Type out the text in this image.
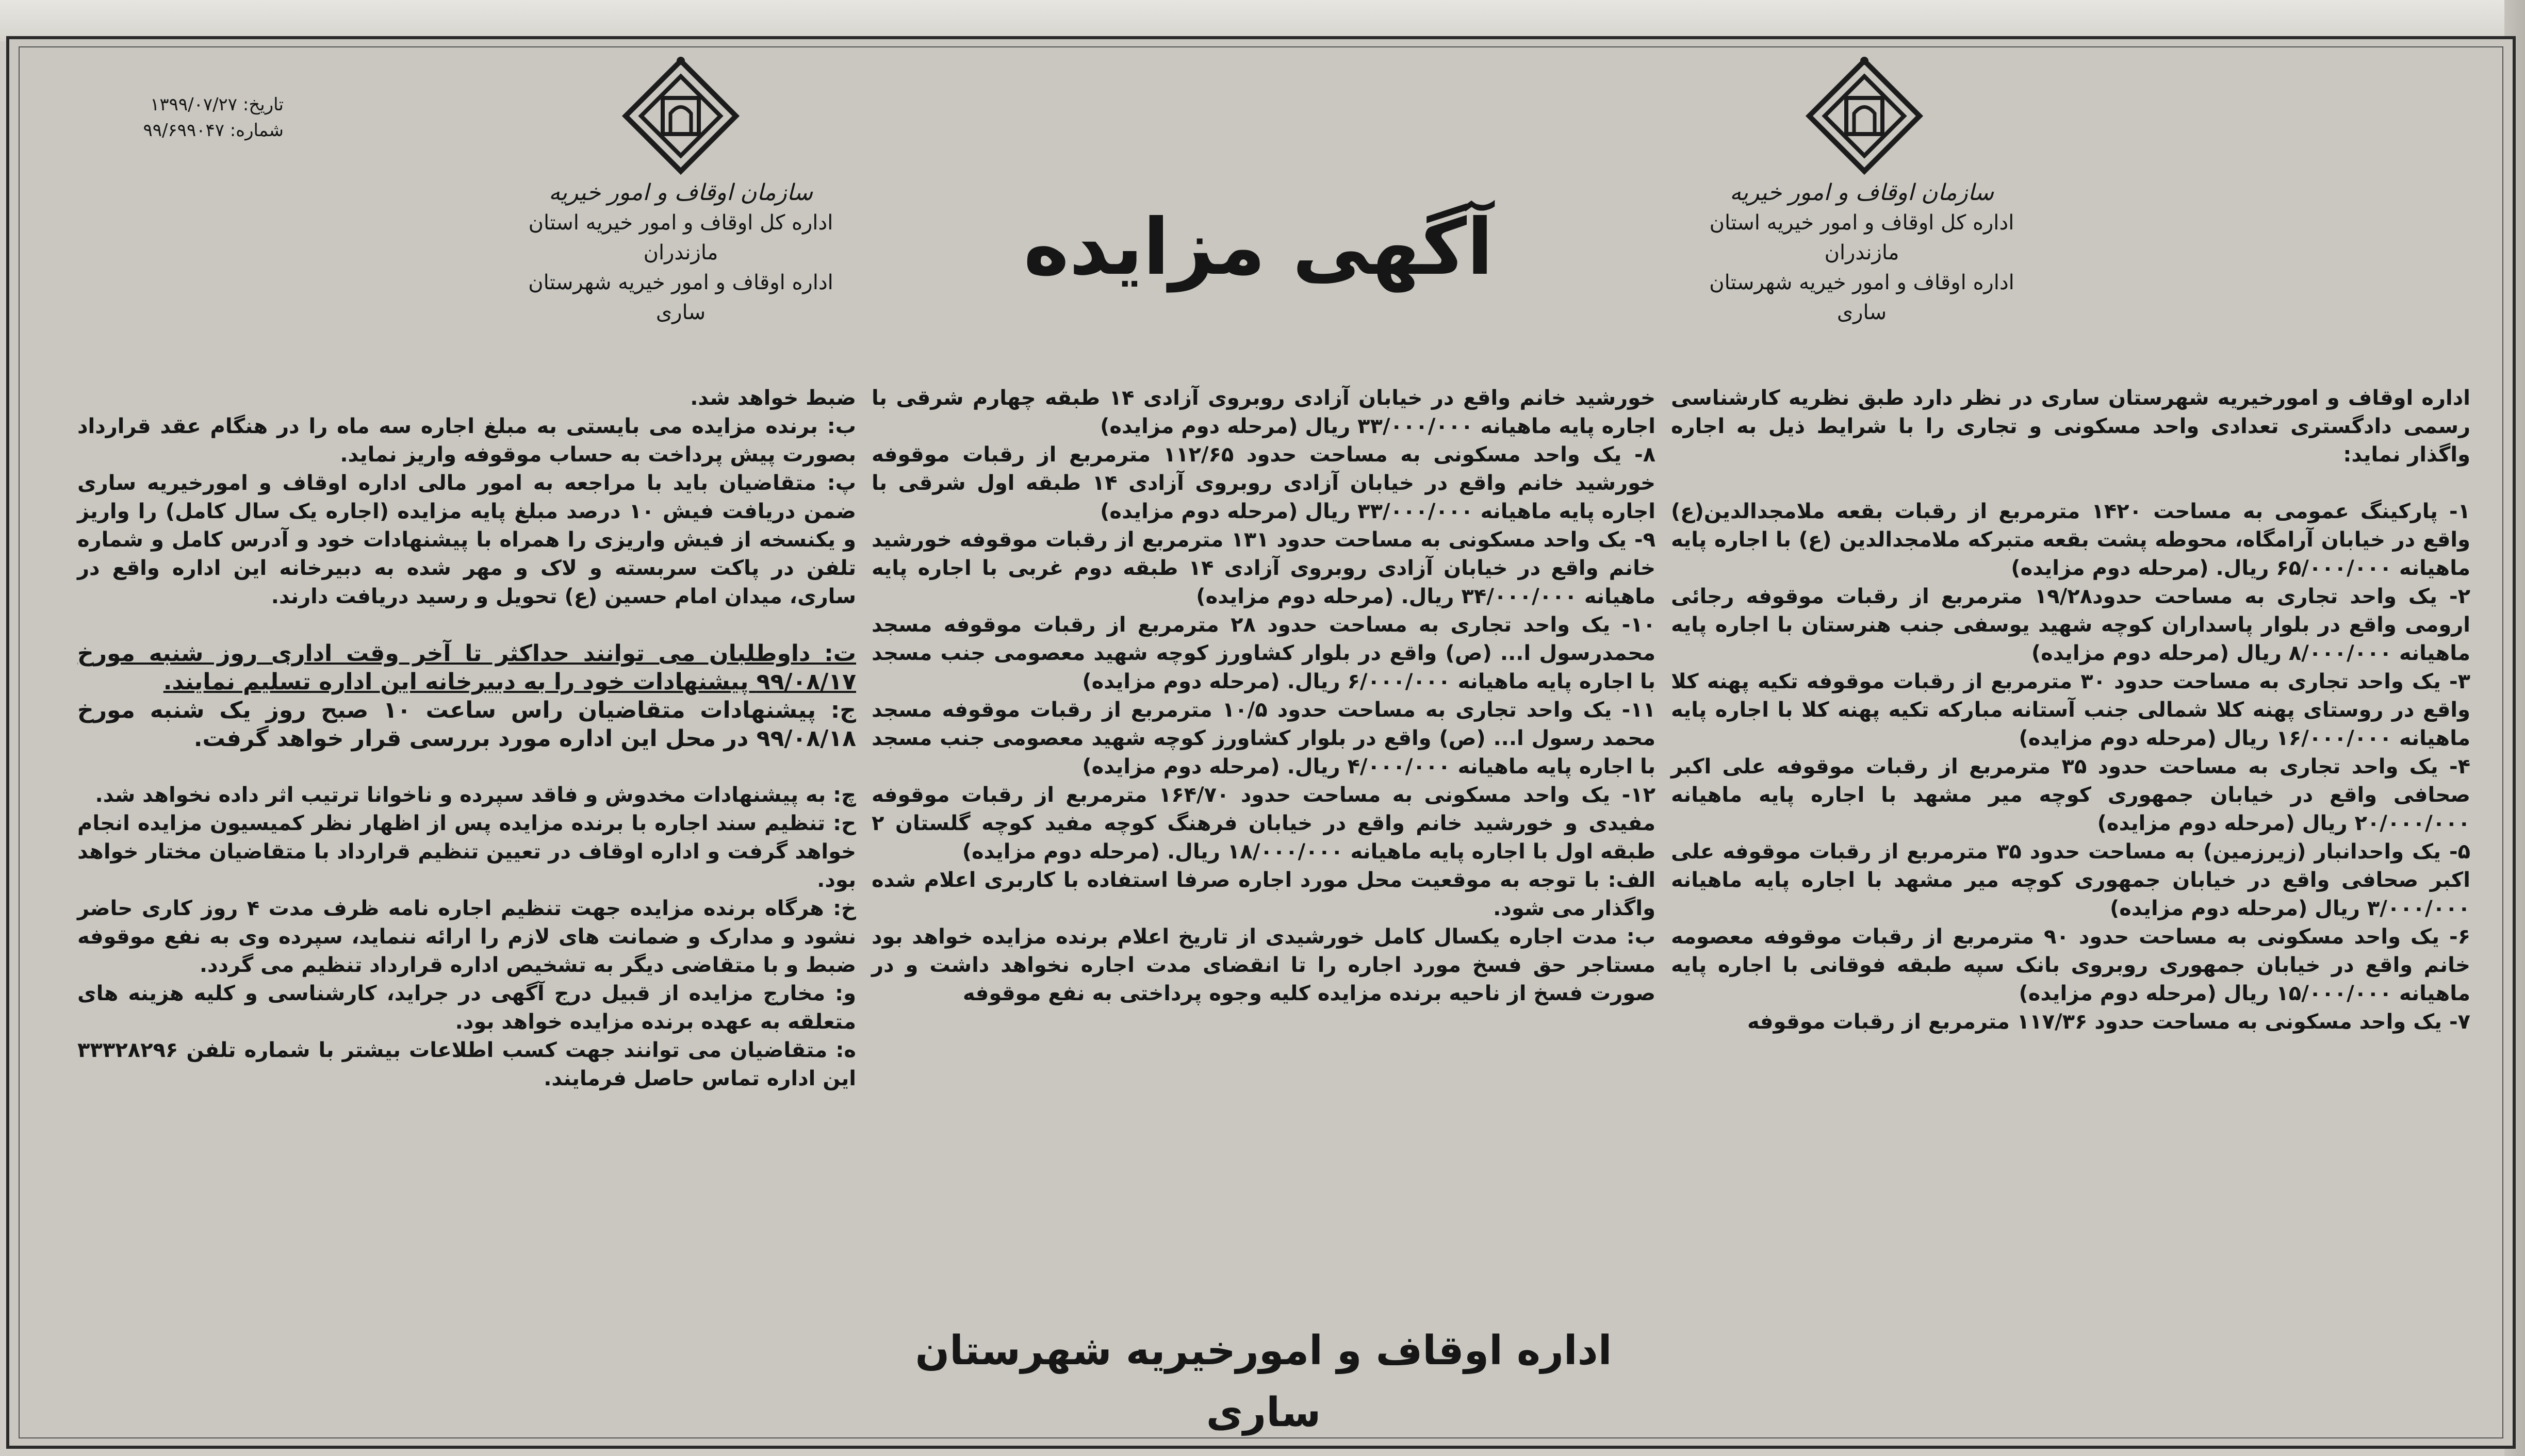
سازمان اوقاف و امور خیریه
اداره کل اوقاف و امور خیریه استان مازندران
اداره اوقاف و امور خیریه شهرستان ساری
سازمان اوقاف و امور خیریه
اداره کل اوقاف و امور خیریه استان مازندران
اداره اوقاف و امور خیریه شهرستان ساری
تاریخ: ۱۳۹۹/۰۷/۲۷
شماره: ۹۹/۶۹۹۰۴۷
آگهی مزایده

اداره اوقاف و امورخیریه شهرستان ساری در نظر دارد طبق نظریه کارشناسی رسمی دادگستری تعدادی واحد مسکونی و تجاری را با شرایط ذیل به اجاره واگذار نماید:

۱- پارکینگ عمومی به مساحت ۱۴۲۰ مترمربع از رقبات بقعه ملامجدالدین(ع) واقع در خیابان آرامگاه، محوطه پشت بقعه متبرکه ملامجدالدین (ع) با اجاره پایه ماهیانه ۶۵/۰۰۰/۰۰۰ ریال. (مرحله دوم مزایده)

۲- یک واحد تجاری به مساحت حدود۱۹/۲۸ مترمربع از رقبات موقوفه رجائی ارومی واقع در بلوار پاسداران کوچه شهید یوسفی جنب هنرستان با اجاره پایه ماهیانه ۸/۰۰۰/۰۰۰ ریال (مرحله دوم مزایده)

۳- یک واحد تجاری به مساحت حدود ۳۰ مترمربع از رقبات موقوفه تکیه پهنه کلا واقع در روستای پهنه کلا شمالی جنب آستانه مبارکه تکیه پهنه کلا با اجاره پایه ماهیانه ۱۶/۰۰۰/۰۰۰ ریال (مرحله دوم مزایده)

۴- یک واحد تجاری به مساحت حدود ۳۵ مترمربع از رقبات موقوفه علی اکبر صحافی واقع در خیابان جمهوری کوچه میر مشهد با اجاره پایه ماهیانه ۲۰/۰۰۰/۰۰۰ ریال (مرحله دوم مزایده)

۵- یک واحدانبار (زیرزمین) به مساحت حدود ۳۵ مترمربع از رقبات موقوفه علی اکبر صحافی واقع در خیابان جمهوری کوچه میر مشهد با اجاره پایه ماهیانه ۳/۰۰۰/۰۰۰ ریال (مرحله دوم مزایده)

۶- یک واحد مسکونی به مساحت حدود ۹۰ مترمربع از رقبات موقوفه معصومه خانم واقع در خیابان جمهوری روبروی بانک سپه طبقه فوقانی با اجاره پایه ماهیانه ۱۵/۰۰۰/۰۰۰ ریال (مرحله دوم مزایده)

۷- یک واحد مسکونی به مساحت حدود ۱۱۷/۳۶ مترمربع از رقبات موقوفه

خورشید خانم واقع در خیابان آزادی روبروی آزادی ۱۴ طبقه چهارم شرقی با اجاره پایه ماهیانه ۳۳/۰۰۰/۰۰۰ ریال (مرحله دوم مزایده)

۸- یک واحد مسکونی به مساحت حدود ۱۱۲/۶۵ مترمربع از رقبات موقوفه خورشید خانم واقع در خیابان آزادی روبروی آزادی ۱۴ طبقه اول شرقی با اجاره پایه ماهیانه ۳۳/۰۰۰/۰۰۰ ریال (مرحله دوم مزایده)

۹- یک واحد مسکونی به مساحت حدود ۱۳۱ مترمربع از رقبات موقوفه خورشید خانم واقع در خیابان آزادی روبروی آزادی ۱۴ طبقه دوم غربی با اجاره پایه ماهیانه ۳۴/۰۰۰/۰۰۰ ریال. (مرحله دوم مزایده)

۱۰- یک واحد تجاری به مساحت حدود ۲۸ مترمربع از رقبات موقوفه مسجد محمدرسول ا... (ص) واقع در بلوار کشاورز کوچه شهید معصومی جنب مسجد با اجاره پایه ماهیانه ۶/۰۰۰/۰۰۰ ریال. (مرحله دوم مزایده)

۱۱- یک واحد تجاری به مساحت حدود ۱۰/۵ مترمربع از رقبات موقوفه مسجد محمد رسول ا... (ص) واقع در بلوار کشاورز کوچه شهید معصومی جنب مسجد با اجاره پایه ماهیانه ۴/۰۰۰/۰۰۰ ریال. (مرحله دوم مزایده)

۱۲- یک واحد مسکونی به مساحت حدود ۱۶۴/۷۰ مترمربع از رقبات موقوفه مفیدی و خورشید خانم واقع در خیابان فرهنگ کوچه مفید کوچه گلستان ۲ طبقه اول با اجاره پایه ماهیانه ۱۸/۰۰۰/۰۰۰ ریال. (مرحله دوم مزایده)

الف: با توجه به موقعیت محل مورد اجاره صرفا استفاده با کاربری اعلام شده واگذار می شود.

ب: مدت اجاره یکسال کامل خورشیدی از تاریخ اعلام برنده مزایده خواهد بود مستاجر حق فسخ مورد اجاره را تا انقضای مدت اجاره نخواهد داشت و در صورت فسخ از ناحیه برنده مزایده کلیه وجوه پرداختی به نفع موقوفه

ضبط خواهد شد.

ب: برنده مزایده می بایستی به مبلغ اجاره سه ماه را در هنگام عقد قرارداد بصورت پیش پرداخت به حساب موقوفه واریز نماید.

پ: متقاضیان باید با مراجعه به امور مالی اداره اوقاف و امورخیریه ساری ضمن دریافت فیش ۱۰ درصد مبلغ پایه مزایده (اجاره یک سال کامل) را واریز و یکنسخه از فیش واریزی را همراه با پیشنهادات خود و آدرس کامل و شماره تلفن در پاکت سربسته و لاک و مهر شده به دبیرخانه این اداره واقع در ساری، میدان امام حسین (ع) تحویل و رسید دریافت دارند.

ت: داوطلبان می توانند حداکثر تا آخر وقت اداری روز شنبه مورخ ۹۹/۰۸/۱۷ پیشنهادات خود را به دبیرخانه این اداره تسلیم نمایند.

ج: پیشنهادات متقاضیان راس ساعت ۱۰ صبح روز یک شنبه مورخ ۹۹/۰۸/۱۸ در محل این اداره مورد بررسی قرار خواهد گرفت.

چ: به پیشنهادات مخدوش و فاقد سپرده و ناخوانا ترتیب اثر داده نخواهد شد.

ح: تنظیم سند اجاره با برنده مزایده پس از اظهار نظر کمیسیون مزایده انجام خواهد گرفت و اداره اوقاف در تعیین تنظیم قرارداد با متقاضیان مختار خواهد بود.

خ: هرگاه برنده مزایده جهت تنظیم اجاره نامه ظرف مدت ۴ روز کاری حاضر نشود و مدارک و ضمانت های لازم را ارائه ننماید، سپرده وی به نفع موقوفه ضبط و با متقاضی دیگر به تشخیص اداره قرارداد تنظیم می گردد.

و: مخارج مزایده از قبیل درج آگهی در جراید، کارشناسی و کلیه هزینه های متعلقه به عهده برنده مزایده خواهد بود.

ه: متقاضیان می توانند جهت کسب اطلاعات بیشتر با شماره تلفن ۳۳۳۲۸۲۹۶ این اداره تماس حاصل فرمایند.

اداره اوقاف و امورخیریه شهرستان ساری
